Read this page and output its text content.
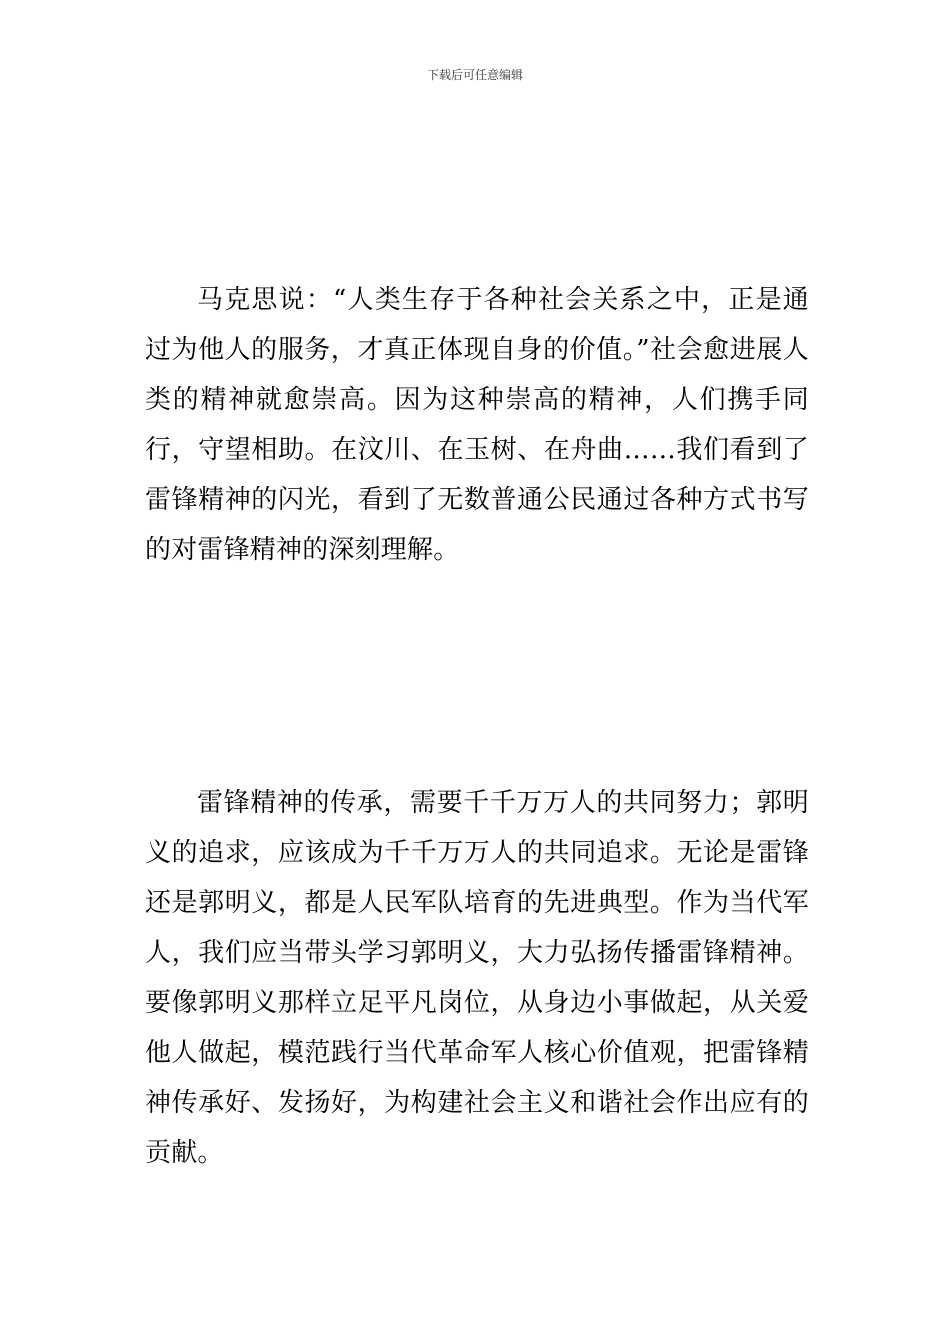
下载后可任意编辑

马克思说：“人类生存于各种社会关系之中，正是通过为他人的服务，才真正体现自身的价值。”社会愈进展人类的精神就愈崇高。因为这种崇高的精神，人们携手同行，守望相助。在汶川、在玉树、在舟曲……我们看到了雷锋精神的闪光，看到了无数普通公民通过各种方式书写的对雷锋精神的深刻理解。

雷锋精神的传承，需要千千万万人的共同努力；郭明义的追求，应该成为千千万万人的共同追求。无论是雷锋还是郭明义，都是人民军队培育的先进典型。作为当代军人，我们应当带头学习郭明义，大力弘扬传播雷锋精神。要像郭明义那样立足平凡岗位，从身边小事做起，从关爱他人做起，模范践行当代革命军人核心价值观，把雷锋精神传承好、发扬好，为构建社会主义和谐社会作出应有的贡献。
